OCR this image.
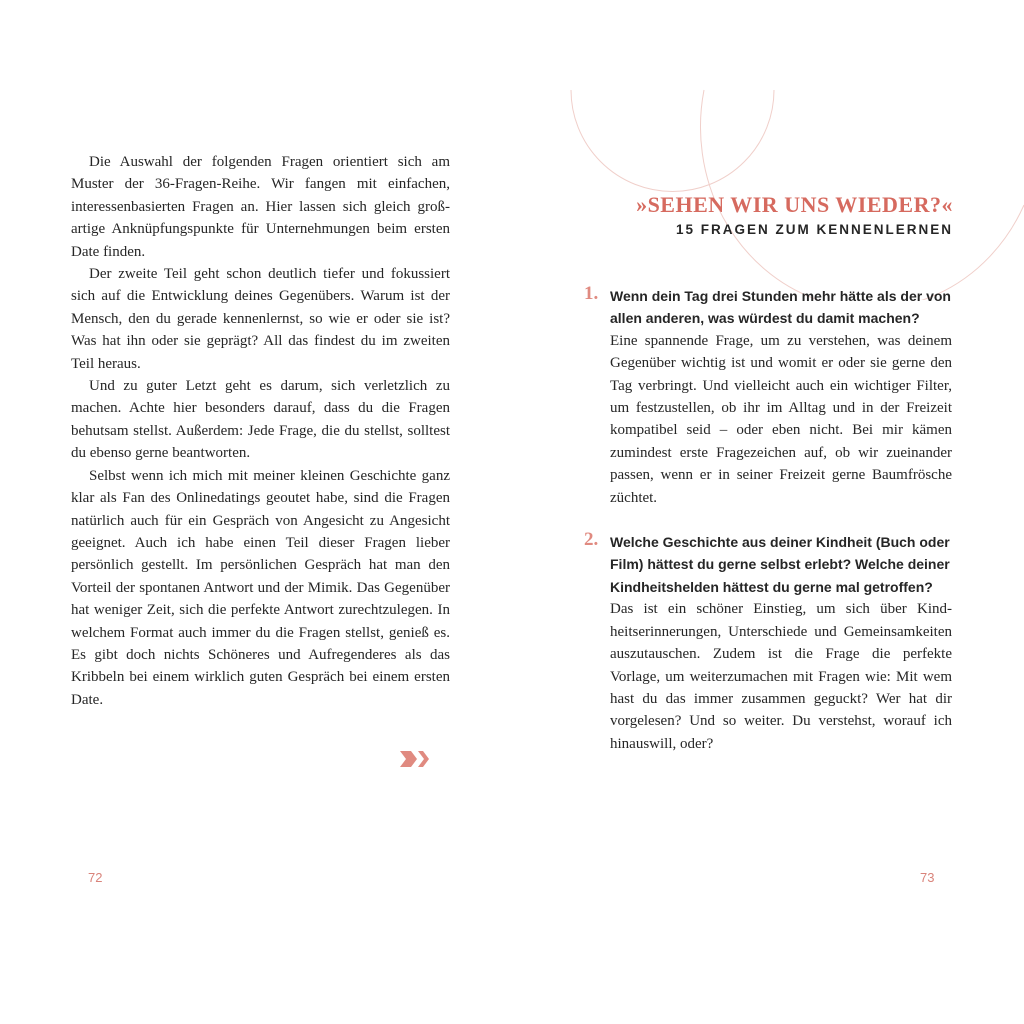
Die Auswahl der folgenden Fragen orientiert sich am Muster der 36-Fragen-Reihe. Wir fangen mit einfachen, interessenbasierten Fragen an. Hier lassen sich gleich großartige Anknüpfungspunkte für Unternehmungen beim ersten Date finden.

Der zweite Teil geht schon deutlich tiefer und fokussiert sich auf die Entwicklung deines Gegenübers. Warum ist der Mensch, den du gerade kennenlernst, so wie er oder sie ist? Was hat ihn oder sie geprägt? All das findest du im zweiten Teil heraus.

Und zu guter Letzt geht es darum, sich verletzlich zu machen. Achte hier besonders darauf, dass du die Fragen behutsam stellst. Außerdem: Jede Frage, die du stellst, solltest du ebenso gerne beantworten.

Selbst wenn ich mich mit meiner kleinen Geschichte ganz klar als Fan des Onlinedatings geoutet habe, sind die Fragen natürlich auch für ein Gespräch von Angesicht zu Angesicht geeignet. Auch ich habe einen Teil dieser Fragen lieber persönlich gestellt. Im persönlichen Gespräch hat man den Vorteil der spontanen Antwort und der Mimik. Das Gegenüber hat weniger Zeit, sich die perfekte Antwort zurechtzulegen. In welchem Format auch immer du die Fragen stellst, genieß es. Es gibt doch nichts Schöneres und Aufregenderes als das Kribbeln bei einem wirklich guten Gespräch bei einem ersten Date.

72
»SEHEN WIR UNS WIEDER?«
15 FRAGEN ZUM KENNENLERNEN
1. Wenn dein Tag drei Stunden mehr hätte als der von allen anderen, was würdest du damit machen?

Eine spannende Frage, um zu verstehen, was deinem Gegenüber wichtig ist und womit er oder sie gerne den Tag verbringt. Und vielleicht auch ein wichtiger Filter, um festzustellen, ob ihr im Alltag und in der Freizeit kompatibel seid – oder eben nicht. Bei mir kämen zumindest erste Fragezeichen auf, ob wir zueinander passen, wenn er in seiner Freizeit gerne Baumfrösche züchtet.

2. Welche Geschichte aus deiner Kindheit (Buch oder Film) hättest du gerne selbst erlebt? Welche deiner Kindheitshelden hättest du gerne mal getroffen?

Das ist ein schöner Einstieg, um sich über Kindheitserinnerungen, Unterschiede und Gemeinsamkeiten auszutauschen. Zudem ist die Frage die perfekte Vorlage, um weiterzumachen mit Fragen wie: Mit wem hast du das immer zusammen geguckt? Wer hat dir vorgelesen? Und so weiter. Du verstehst, worauf ich hinauswill, oder?

73
